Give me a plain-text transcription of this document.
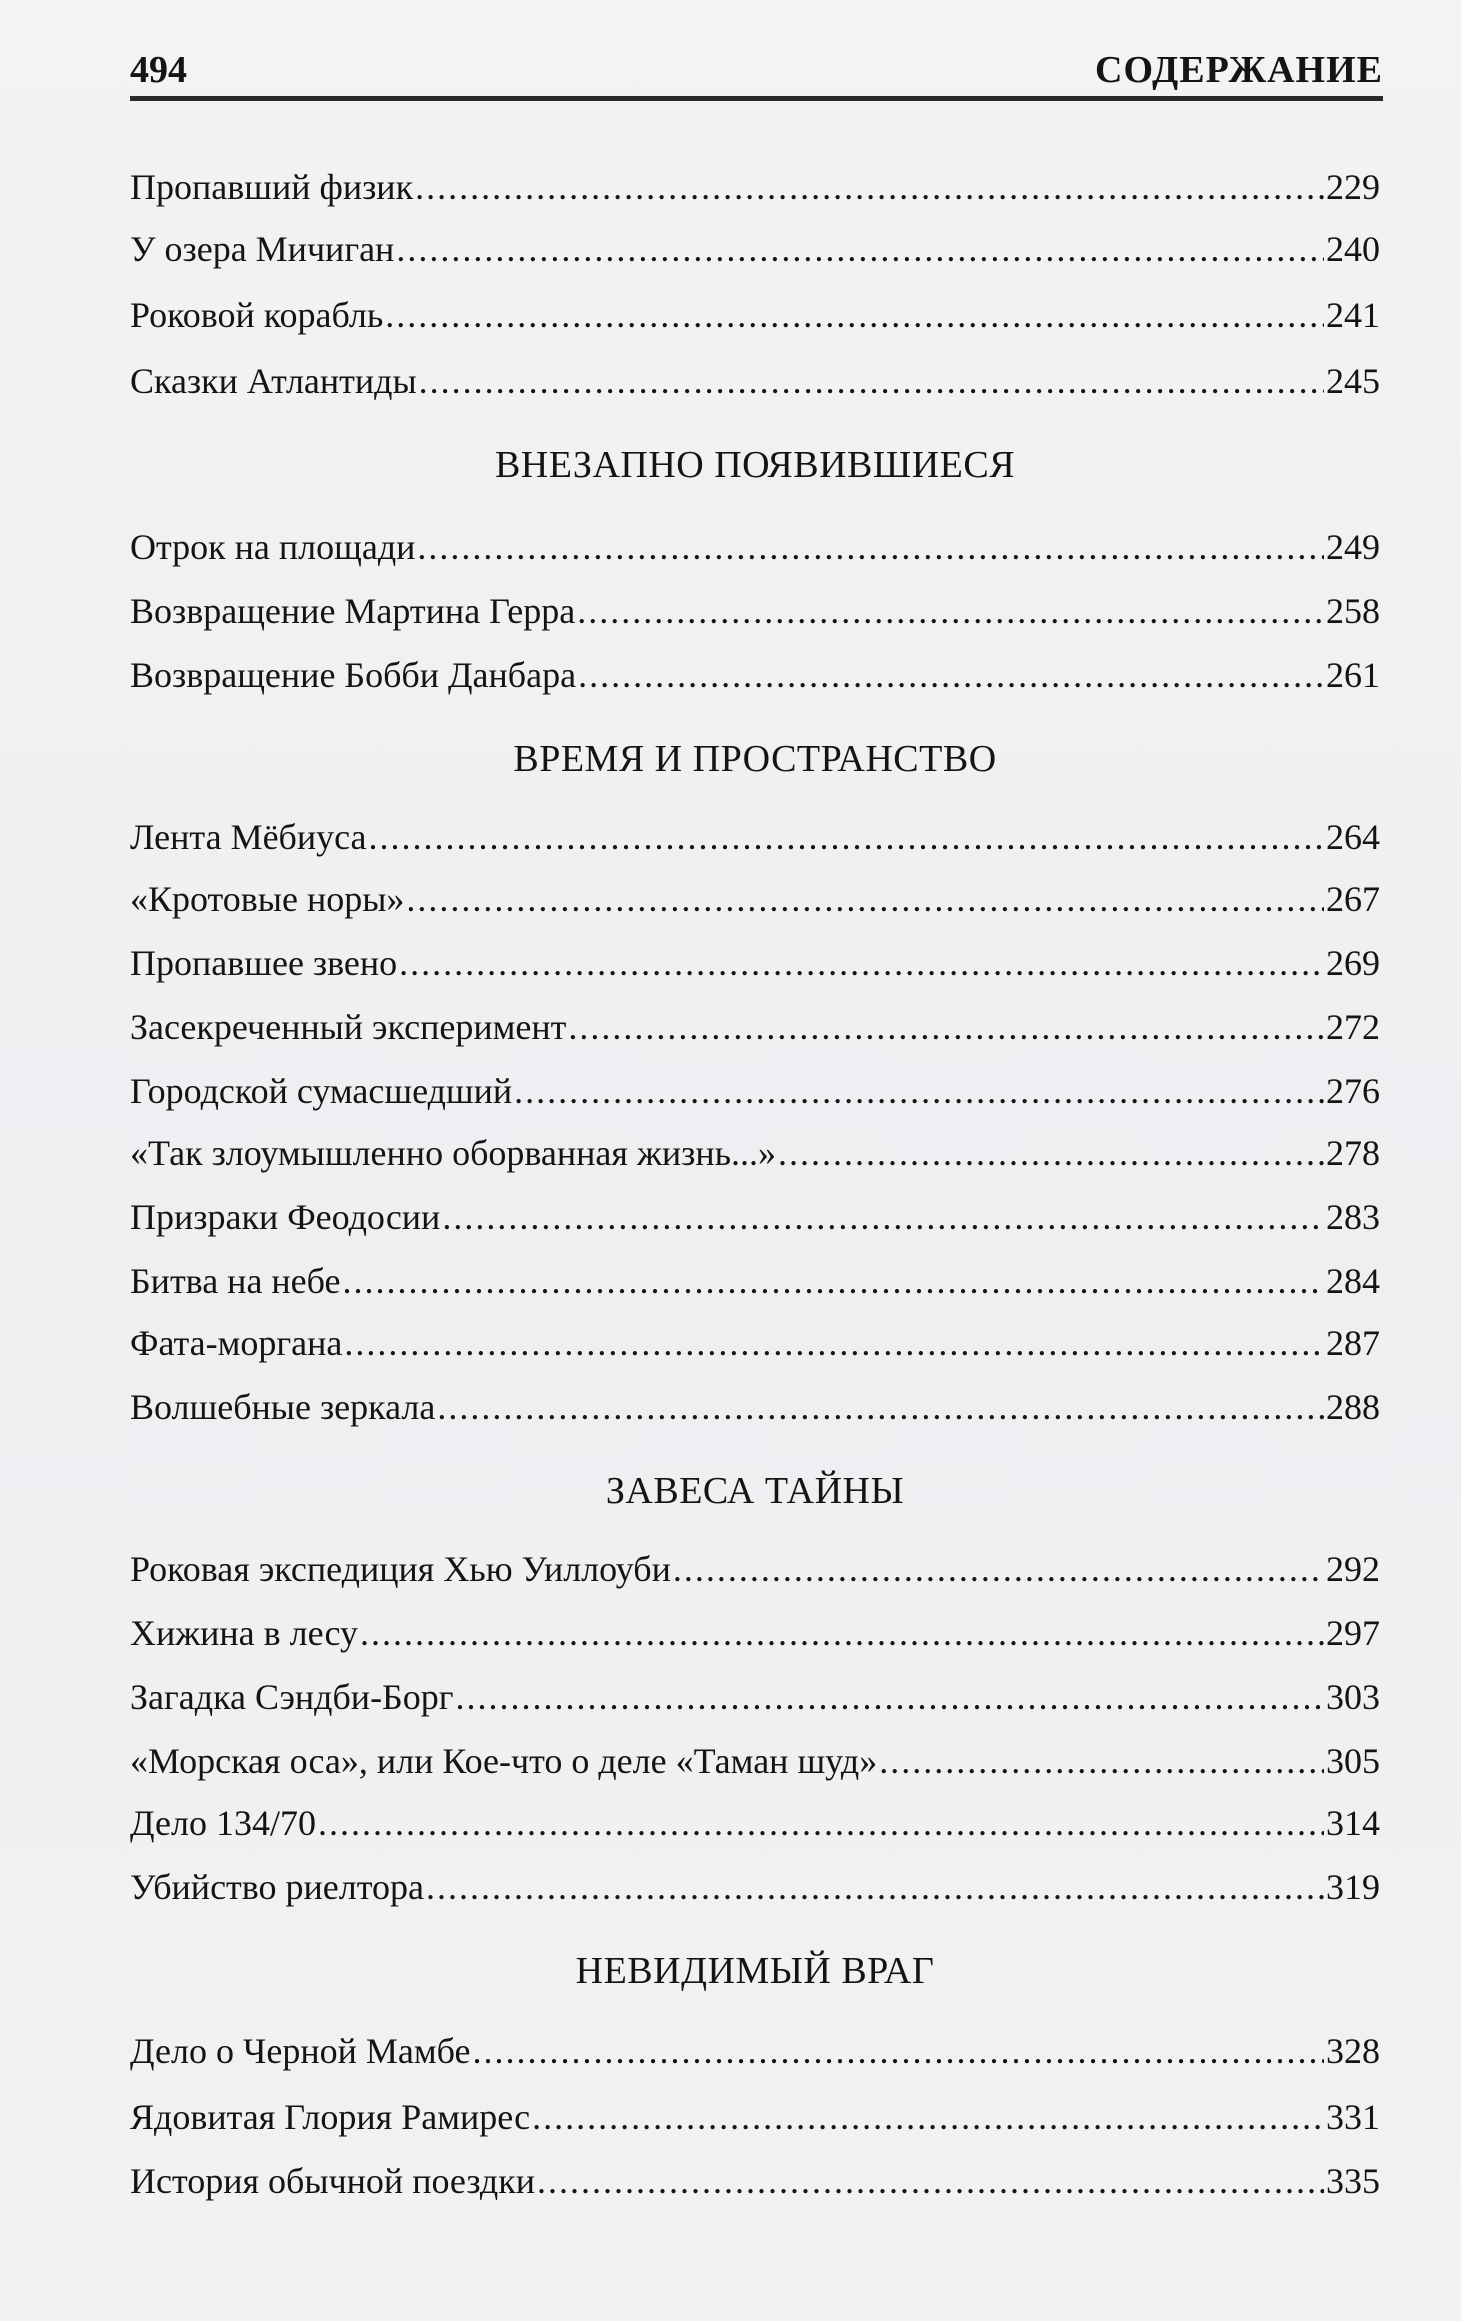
494	СОДЕРЖАНИЕ
Пропавший физик .....	229
У озера Мичиган .....	240
Роковой корабль .....	241
Сказки Атлантиды .....	245
ВНЕЗАПНО ПОЯВИВШИЕСЯ
Отрок на площади .....	249
Возвращение Мартина Герра .....	258
Возвращение Бобби Данбара .....	261
ВРЕМЯ И ПРОСТРАНСТВО
Лента Мёбиуса .....	264
«Кротовые норы» .....	267
Пропавшее звено .....	269
Засекреченный эксперимент .....	272
Городской сумасшедший .....	276
«Так злоумышленно оборванная жизнь...» .....	278
Призраки Феодосии .....	283
Битва на небе .....	284
Фата-моргана .....	287
Волшебные зеркала .....	288
ЗАВЕСА ТАЙНЫ
Роковая экспедиция Хью Уиллоуби .....	292
Хижина в лесу .....	297
Загадка Сэндби-Борг .....	303
«Морская оса», или Кое-что о деле «Таман шуд» .....	305
Дело 134/70 .....	314
Убийство риелтора .....	319
НЕВИДИМЫЙ ВРАГ
Дело о Черной Мамбе .....	328
Ядовитая Глория Рамирес .....	331
История обычной поездки .....	335
